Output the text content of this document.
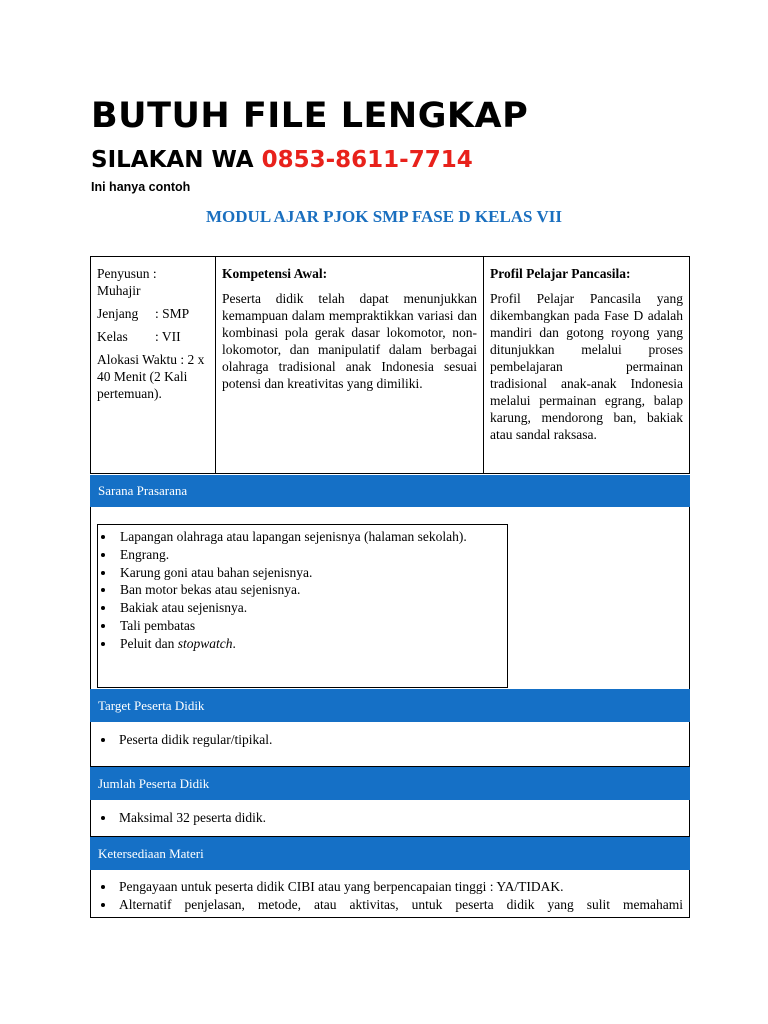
BUTUH FILE LENGKAP

SILAKAN WA 0853-8611-7714

Ini hanya contoh

MODUL AJAR PJOK SMP FASE D KELAS VII

Penyusun :
Muhajir

Jenjang	: SMP

Kelas	: VII

Alokasi Waktu : 2 x 40 Menit (2 Kali pertemuan).

Kompetensi Awal:

Peserta didik telah dapat menunjukkan kemampuan dalam mempraktikkan variasi dan kombinasi pola gerak dasar lokomotor, non-lokomotor, dan manipulatif dalam berbagai olahraga tradisional anak Indonesia sesuai potensi dan kreativitas yang dimiliki.

Profil Pelajar Pancasila:

Profil Pelajar Pancasila yang dikembangkan pada Fase D adalah mandiri dan gotong royong yang ditunjukkan melalui proses pembelajaran permainan tradisional anak-anak Indonesia melalui permainan egrang, balap karung, mendorong ban, bakiak atau sandal raksasa.

Sarana Prasarana
Lapangan olahraga atau lapangan sejenisnya (halaman sekolah).
Engrang.
Karung goni atau bahan sejenisnya.
Ban motor bekas atau sejenisnya.
Bakiak atau sejenisnya.
Tali pembatas
Peluit dan stopwatch.
Target Peserta Didik
Peserta didik regular/tipikal.
Jumlah Peserta Didik
Maksimal 32 peserta didik.
Ketersediaan Materi
Pengayaan untuk peserta didik CIBI atau yang berpencapaian tinggi : YA/TIDAK.
Alternatif penjelasan, metode, atau aktivitas, untuk peserta didik yang sulit memahami
